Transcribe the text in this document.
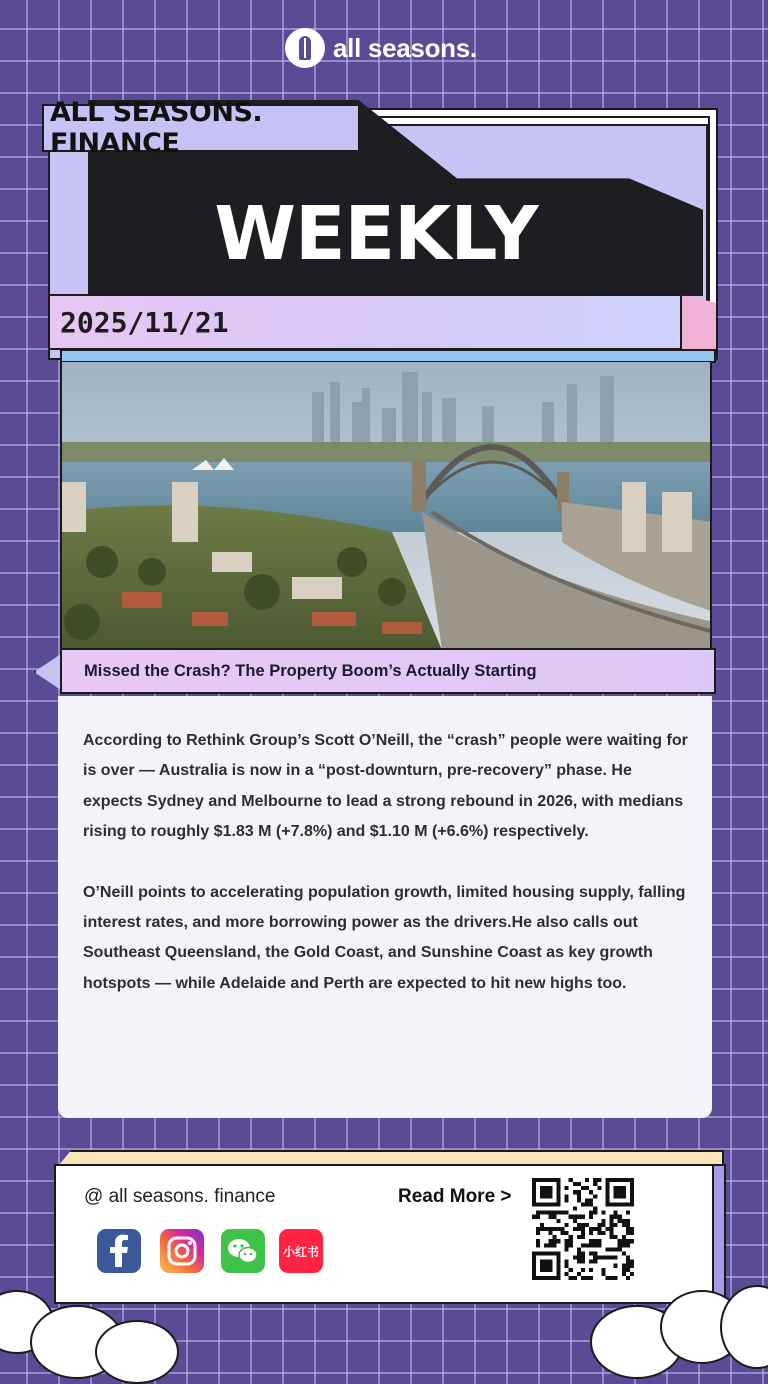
all seasons.
ALL SEASONS. FINANCE
WEEKLY
2025/11/21
Missed the Crash? The Property Boom’s Actually Starting

According to Rethink Group’s Scott O’Neill, the “crash” people were waiting for is over — Australia is now in a “post-downturn, pre-recovery” phase. He expects Sydney and Melbourne to lead a strong rebound in 2026, with medians rising to roughly $1.83 M (+7.8%) and $1.10 M (+6.6%) respectively.

O’Neill points to accelerating population growth, limited housing supply, falling interest rates, and more borrowing power as the drivers.He also calls out Southeast Queensland, the Gold Coast, and Sunshine Coast as key growth hotspots — while Adelaide and Perth are expected to hit new highs too.

@ all seasons. finance	Read More >
小红书
